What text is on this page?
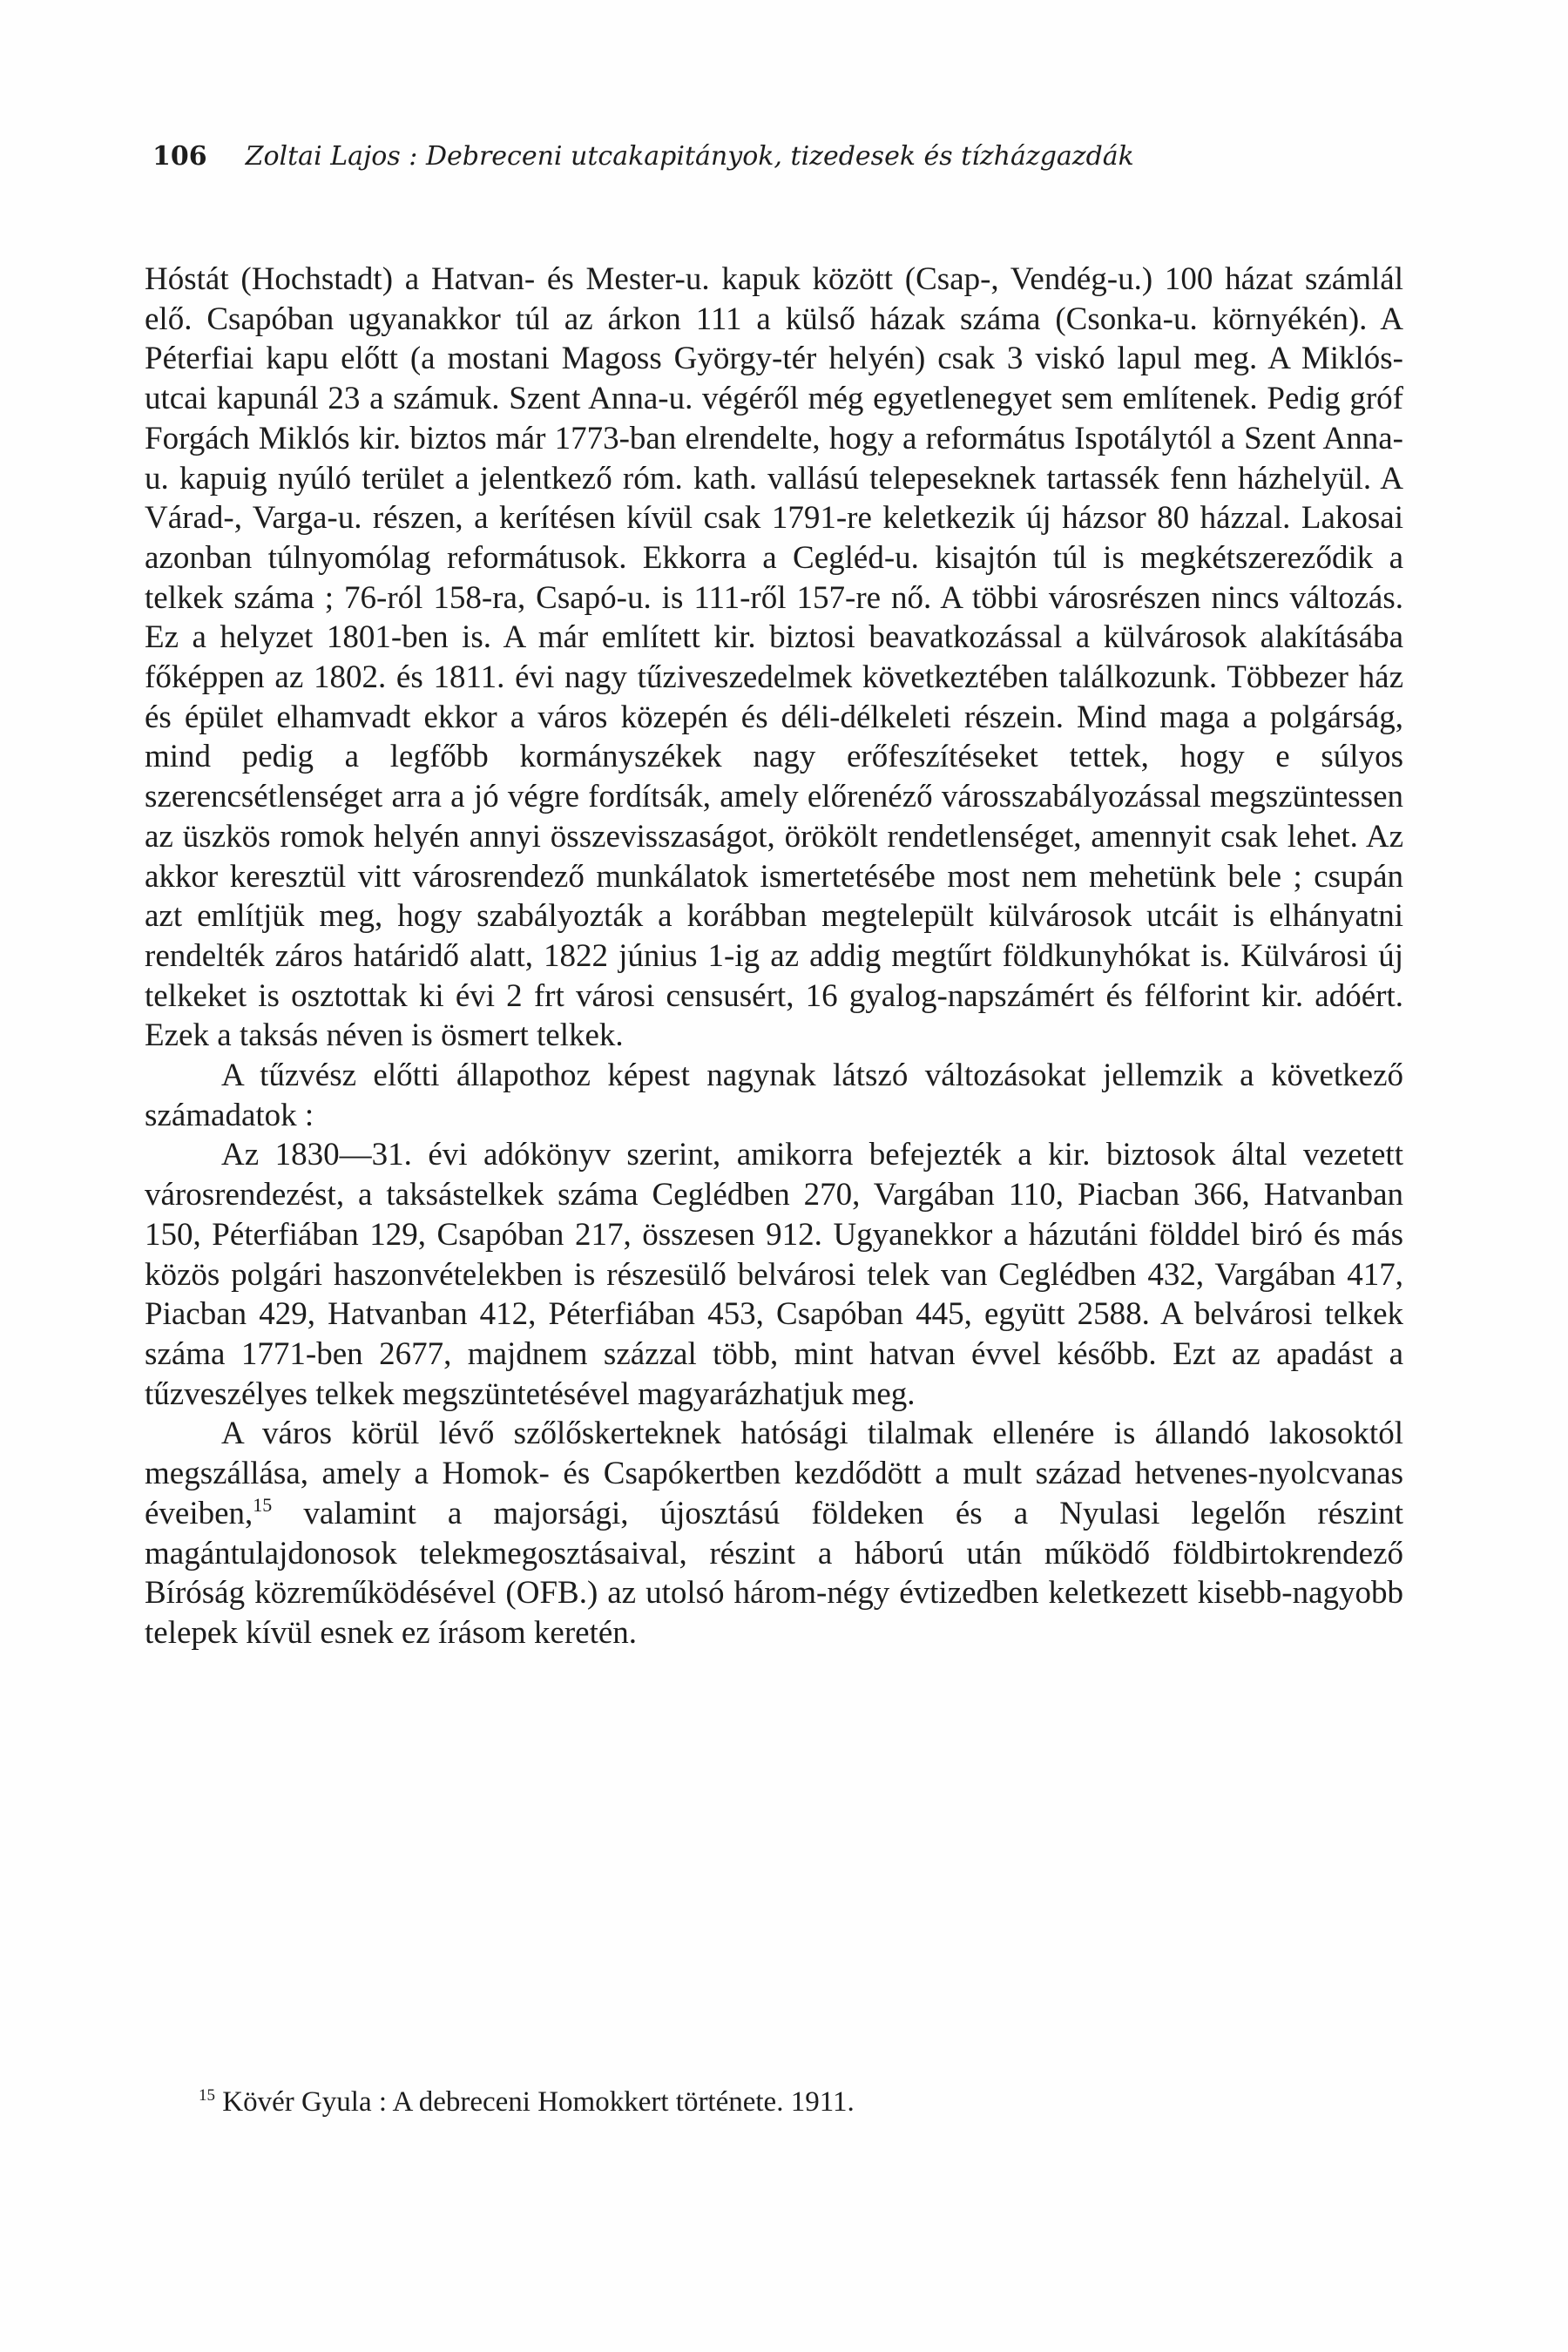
106 Zoltai Lajos : Debreceni utcakapitányok, tizedesek és tízházgazdák

Hóstát (Hochstadt) a Hatvan- és Mester-u. kapuk között (Csap-, Vendég-u.) 100 házat számlál elő. Csapóban ugyanakkor túl az árkon 111 a külső házak száma (Csonka-u. környékén). A Péterfiai kapu előtt (a mostani Magoss György-tér helyén) csak 3 viskó lapul meg. A Miklós-utcai kapunál 23 a számuk. Szent Anna-u. végéről még egyetlenegyet sem említenek. Pedig gróf Forgách Miklós kir. biztos már 1773-ban elrendelte, hogy a református Ispotálytól a Szent Anna-u. kapuig nyúló terület a jelentkező róm. kath. vallású telepeseknek tartassék fenn házhelyül. A Várad-, Varga-u. részen, a kerítésen kívül csak 1791-re keletkezik új házsor 80 házzal. Lakosai azonban túlnyomólag reformátusok. Ekkorra a Cegléd-u. kisajtón túl is megkétszereződik a telkek száma ; 76-ról 158-ra, Csapó-u. is 111-ről 157-re nő. A többi városrészen nincs változás. Ez a helyzet 1801-ben is. A már említett kir. biztosi beavatkozással a külvárosok alakításába főképpen az 1802. és 1811. évi nagy tűziveszedelmek következtében találkozunk. Többezer ház és épület elhamvadt ekkor a város közepén és déli-délkeleti részein. Mind maga a polgárság, mind pedig a legfőbb kormányszékek nagy erőfeszítéseket tettek, hogy e súlyos szerencsétlenséget arra a jó végre fordítsák, amely előrenéző városszabályozással megszüntessen az üszkös romok helyén annyi összevisszaságot, örökölt rendetlenséget, amennyit csak lehet. Az akkor keresztül vitt városrendező munkálatok ismertetésébe most nem mehetünk bele ; csupán azt említjük meg, hogy szabályozták a korábban megtelepült külvárosok utcáit is elhányatni rendelték záros határidő alatt, 1822 június 1-ig az addig megtűrt földkunyhókat is. Külvárosi új telkeket is osztottak ki évi 2 frt városi censusért, 16 gyalog-napszámért és félforint kir. adóért. Ezek a taksás néven is ösmert telkek.

A tűzvész előtti állapothoz képest nagynak látszó változásokat jellemzik a következő számadatok :

Az 1830—31. évi adókönyv szerint, amikorra befejezték a kir. biztosok által vezetett városrendezést, a taksástelkek száma Ceglédben 270, Vargában 110, Piacban 366, Hatvanban 150, Péterfiában 129, Csapóban 217, összesen 912. Ugyanekkor a házutáni földdel biró és más közös polgári haszonvételekben is részesülő belvárosi telek van Ceglédben 432, Vargában 417, Piacban 429, Hatvanban 412, Péterfiában 453, Csapóban 445, együtt 2588. A belvárosi telkek száma 1771-ben 2677, majdnem százzal több, mint hatvan évvel később. Ezt az apadást a tűzveszélyes telkek megszüntetésével magyarázhatjuk meg.

A város körül lévő szőlőskerteknek hatósági tilalmak ellenére is állandó lakosoktól megszállása, amely a Homok- és Csapókertben kezdődött a mult század hetvenes-nyolcvanas éveiben,$^{15}$ valamint a majorsági, újosztású földeken és a Nyulasi legelőn részint magántulajdonosok telekmegosztásaival, részint a háború után működő földbirtokrendező Bíróság közreműködésével (OFB.) az utolsó három-négy évtizedben keletkezett kisebb-nagyobb telepek kívül esnek ez írásom keretén.

$^{15}$ Kövér Gyula : A debreceni Homokkert története. 1911.
